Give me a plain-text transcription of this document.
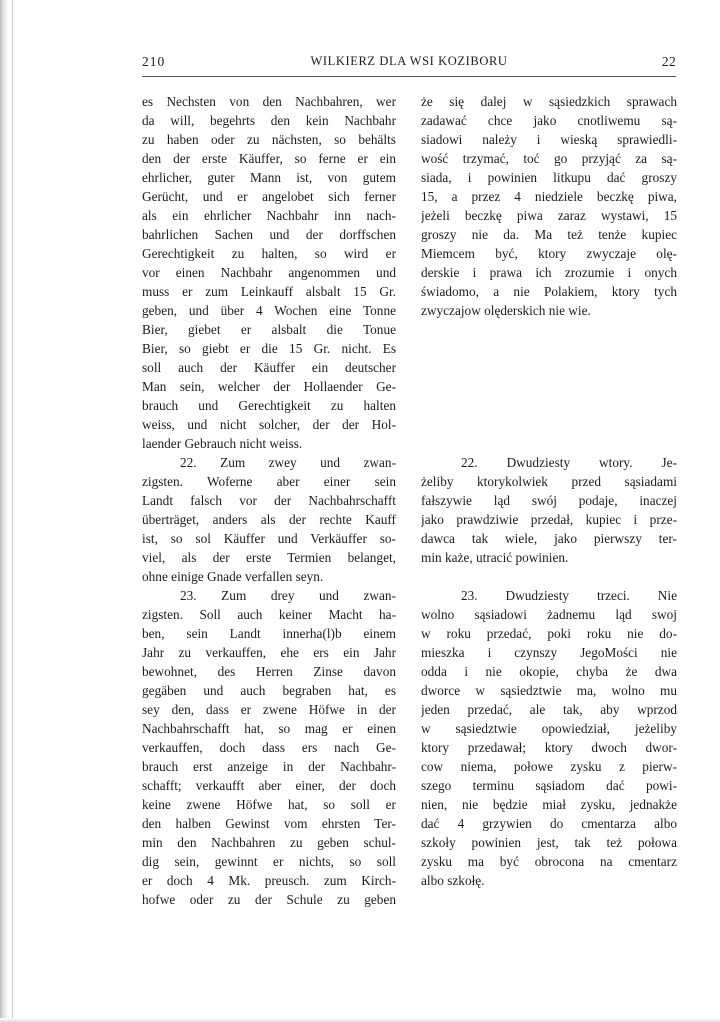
210	WILKIERZ DLA WSI KOZIBORU	22
es Nechsten von den Nachbahren, wer
da will, begehrts den kein Nachbahr
zu haben oder zu nächsten, so behälts
den der erste Käuffer, so ferne er ein
ehrlicher, guter Mann ist, von gutem
Gerücht, und er angelobet sich ferner
als ein ehrlicher Nachbahr inn nach-
bahrlichen Sachen und der dorffschen
Gerechtigkeit zu halten, so wird er
vor einen Nachbahr angenommen und
muss er zum Leinkauff alsbalt 15 Gr.
geben, und über 4 Wochen eine Tonne
Bier, giebet er alsbalt die Tonue
Bier, so giebt er die 15 Gr. nicht. Es
soll auch der Käuffer ein deutscher
Man sein, welcher der Hollaender Ge-
brauch und Gerechtigkeit zu halten
weiss, und nicht solcher, der der Hol-
laender Gebrauch nicht weiss.
22. Zum zwey und zwan-
zigsten. Woferne aber einer sein
Landt falsch vor der Nachbahrschafft
überträget, anders als der rechte Kauff
ist, so sol Käuffer und Verkäuffer so-
viel, als der erste Termien belanget,
ohne einige Gnade verfallen seyn.
23. Zum drey und zwan-
zigsten. Soll auch keiner Macht ha-
ben, sein Landt innerha(l)b einem
Jahr zu verkauffen, ehe ers ein Jahr
bewohnet, des Herren Zinse davon
gegäben und auch begraben hat, es
sey den, dass er zwene Höfwe in der
Nachbahrschafft hat, so mag er einen
verkauffen, doch dass ers nach Ge-
brauch erst anzeige in der Nachbahr-
schafft; verkaufft aber einer, der doch
keine zwene Höfwe hat, so soll er
den halben Gewinst vom ehrsten Ter-
min den Nachbahren zu geben schul-
dig sein, gewinnt er nichts, so soll
er doch 4 Mk. preusch. zum Kirch-
hofwe oder zu der Schule zu geben
że się dalej w sąsiedzkich sprawach
zadawać chce jako cnotliwemu są-
siadowi należy i wieską sprawiedli-
wość trzymać, toć go przyjąć za są-
siada, i powinien litkupu dać groszy
15, a przez 4 niedziele beczkę piwa,
jeżeli beczkę piwa zaraz wystawi, 15
groszy nie da. Ma też tenże kupiec
Miemcem być, ktory zwyczaje olę-
derskie i prawa ich zrozumie i onych
świadomo, a nie Polakiem, ktory tych
zwyczajow olęderskich nie wie.
22. Dwudziesty wtory. Je-
żeliby ktorykolwiek przed sąsiadami
fałszywie ląd swój podaje, inaczej
jako prawdziwie przedał, kupiec i prze-
dawca tak wiele, jako pierwszy ter-
min każe, utracić powinien.
23. Dwudziesty trzeci. Nie
wolno sąsiadowi żadnemu ląd swoj
w roku przedać, poki roku nie do-
mieszka i czynszy JegoMości nie
odda i nie okopie, chyba że dwa
dworce w sąsiedztwie ma, wolno mu
jeden przedać, ale tak, aby wprzod
w sąsiedztwie opowiedział, jeżeliby
ktory przedawał; ktory dwoch dwor-
cow niema, połowe zysku z pierw-
szego terminu sąsiadom dać powi-
nien, nie będzie miał zysku, jednakże
dać 4 grzywien do cmentarza albo
szkoły powinien jest, tak też połowa
zysku ma być obrocona na cmentarz
albo szkołę.
